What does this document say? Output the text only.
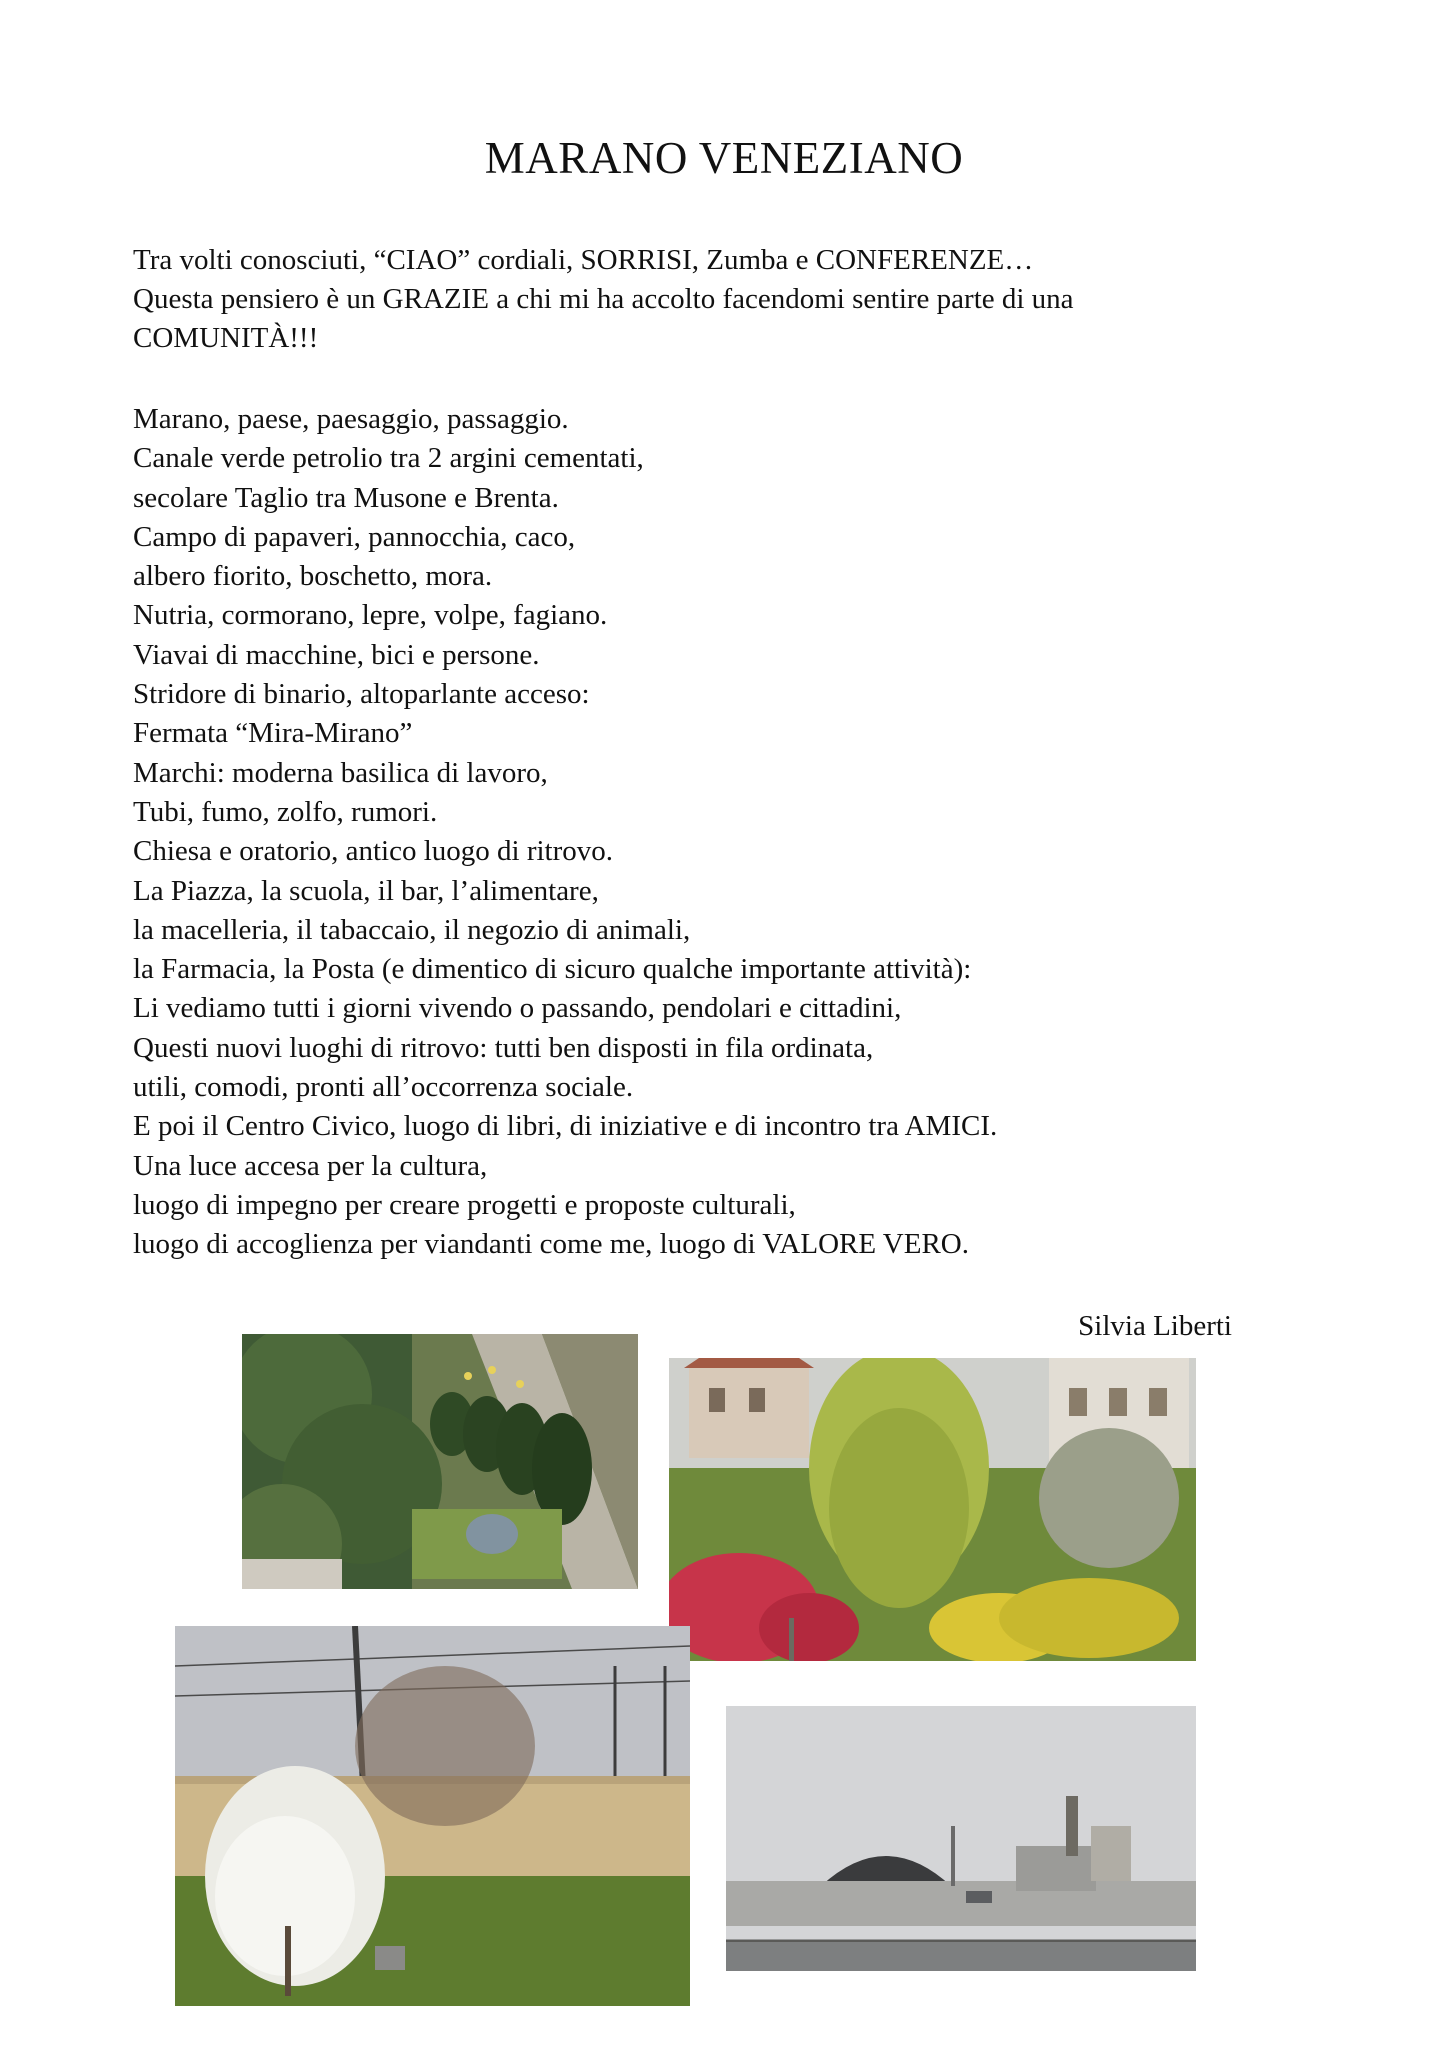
MARANO VENEZIANO
Tra volti conosciuti, “CIAO” cordiali, SORRISI, Zumba e CONFERENZE…
Questa pensiero è un GRAZIE a chi mi ha accolto facendomi sentire parte di una
COMUNITÀ!!!
Marano, paese, paesaggio, passaggio.
Canale verde petrolio tra 2 argini cementati,
secolare Taglio tra Musone e Brenta.
Campo di papaveri, pannocchia, caco,
albero fiorito, boschetto, mora.
Nutria, cormorano, lepre, volpe, fagiano.
Viavai di macchine, bici e persone.
Stridore di binario, altoparlante acceso:
Fermata “Mira-Mirano”
Marchi: moderna basilica di lavoro,
Tubi, fumo, zolfo, rumori.
Chiesa e oratorio, antico luogo di ritrovo.
La Piazza, la scuola, il bar, l’alimentare,
la macelleria, il tabaccaio, il negozio di animali,
la Farmacia, la Posta (e dimentico di sicuro qualche importante attività):
Li vediamo tutti i giorni vivendo o passando, pendolari e cittadini,
Questi nuovi luoghi di ritrovo: tutti ben disposti in fila ordinata,
utili, comodi, pronti all’occorrenza sociale.
E poi il Centro Civico, luogo di libri, di iniziative e di incontro tra AMICI.
Una luce accesa per la cultura,
luogo di impegno per creare progetti e proposte culturali,
luogo di accoglienza per viandanti come me, luogo di VALORE VERO.
Silvia Liberti
